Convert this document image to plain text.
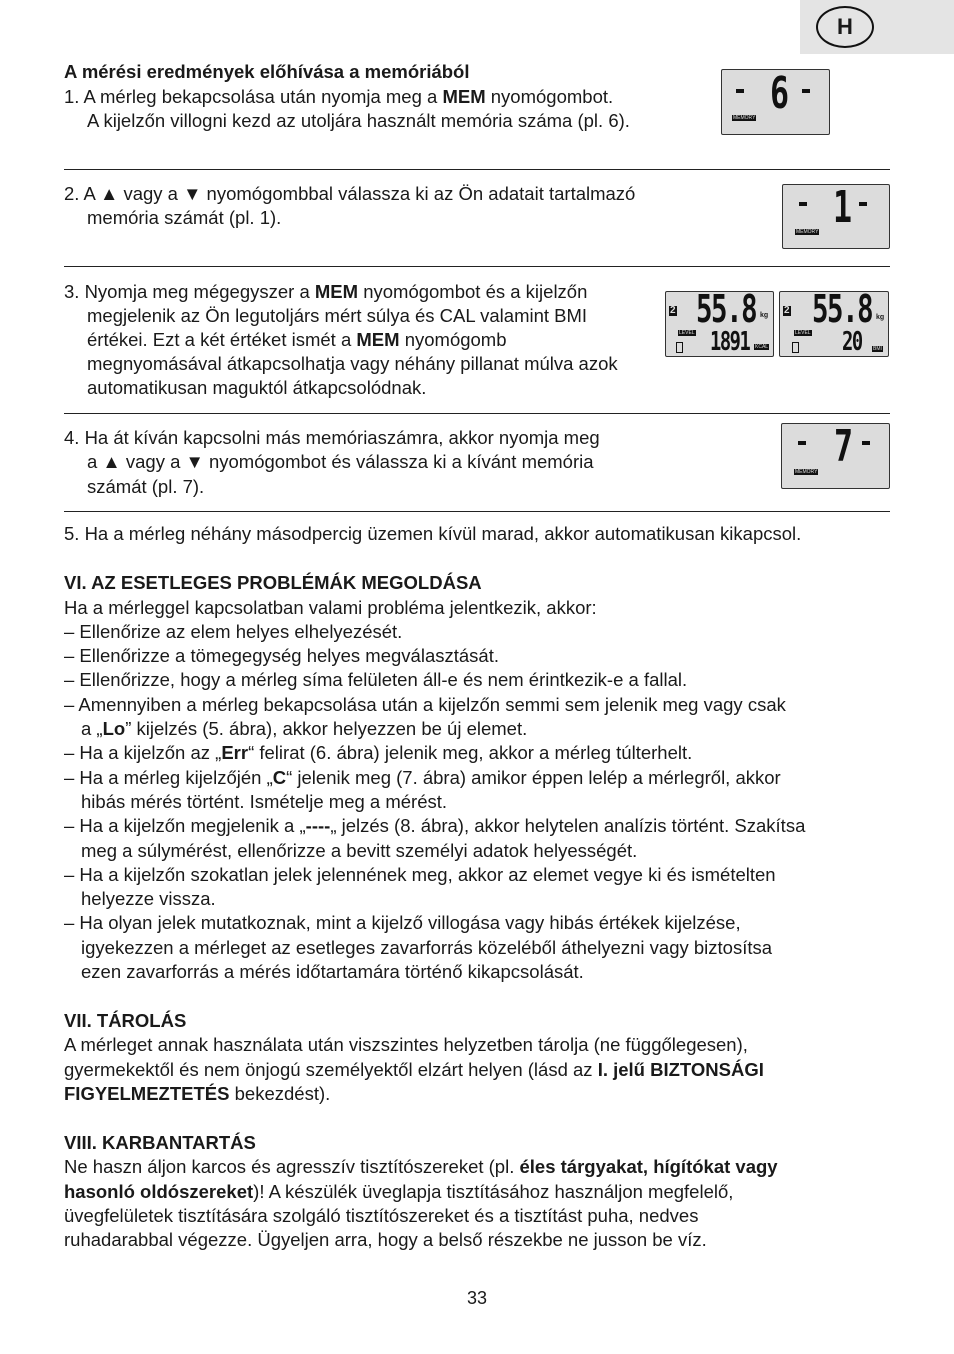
H
A mérési eredmények előhívása a memóriából
1. A mérleg bekapcsolása után nyomja meg a MEM nyomógombot.
A kijelzőn villogni kezd az utoljára használt memória száma (pl. 6).
6
MEMORY
2. A ▲ vagy a ▼ nyomógombbal válassza ki az Ön adatait tartalmazó
memória számát (pl. 1).	1
MEMORY
3. Nyomja meg mégegyszer a MEM nyomógombot és a kijelzőn
megjelenik az Ön legutoljárs mért súlya és CAL valamint BMI
értékei. Ezt a két értéket ismét a MEM nyomógomb
megnyomásával átkapcsolhatja vagy néhány pillanat múlva azok
automatikusan maguktól átkapcsolódnak.
2 55.8 kg
LEVEL 1891 KCAL
2 55.8 kg
LEVEL 20 BMI
4. Ha át kíván kapcsolni más memóriaszámra, akkor nyomja meg
a ▲ vagy a ▼ nyomógombot és válassza ki a kívánt memória
számát (pl. 7).
7
MEMORY
5. Ha a mérleg néhány másodpercig üzemen kívül marad, akkor automatikusan kikapcsol.
VI. AZ ESETLEGES PROBLÉMÁK MEGOLDÁSA
Ha a mérleggel kapcsolatban valami probléma jelentkezik, akkor:
– Ellenőrize az elem helyes elhelyezését.
– Ellenőrizze a tömegegység helyes megválasztását.
– Ellenőrizze, hogy a mérleg síma felületen áll-e és nem érintkezik-e a fallal.
– Amennyiben a mérleg bekapcsolása után a kijelzőn semmi sem jelenik meg vagy csak
a „Lo” kijelzés (5. ábra), akkor helyezzen be új elemet.
– Ha a kijelzőn az „Err“ felirat (6. ábra) jelenik meg, akkor a mérleg túlterhelt.
– Ha a mérleg kijelzőjén „C“ jelenik meg (7. ábra) amikor éppen lelép a mérlegről, akkor
hibás mérés történt. Ismételje meg a mérést.
– Ha a kijelzőn megjelenik a „----„ jelzés (8. ábra), akkor helytelen analízis történt. Szakítsa
meg a súlymérést, ellenőrizze a bevitt személyi adatok helyességét.
– Ha a kijelzőn szokatlan jelek jelennének meg, akkor az elemet vegye ki és ismételten
helyezze vissza.
– Ha olyan jelek mutatkoznak, mint a kijelző villogása vagy hibás értékek kijelzése,
igyekezzen a mérleget az esetleges zavarforrás közeléből áthelyezni vagy biztosítsa
ezen zavarforrás a mérés időtartamára történő kikapcsolását.
VII. TÁROLÁS
A mérleget annak használata után viszszintes helyzetben tárolja (ne függőlegesen),
gyermekektől és nem önjogú személyektől elzárt helyen (lásd az I. jelű BIZTONSÁGI
FIGYELMEZTETÉS bekezdést).
VIII. KARBANTARTÁS
Ne haszn áljon karcos és agresszív tisztítószereket (pl. éles tárgyakat, hígítókat vagy
hasonló oldószereket)! A készülék üveglapja tisztításához használjon megfelelő,
üvegfelületek tisztítására szolgáló tisztítószereket és a tisztítást puha, nedves
ruhadarabbal végezze. Ügyeljen arra, hogy a belső részekbe ne jusson be víz.
33
